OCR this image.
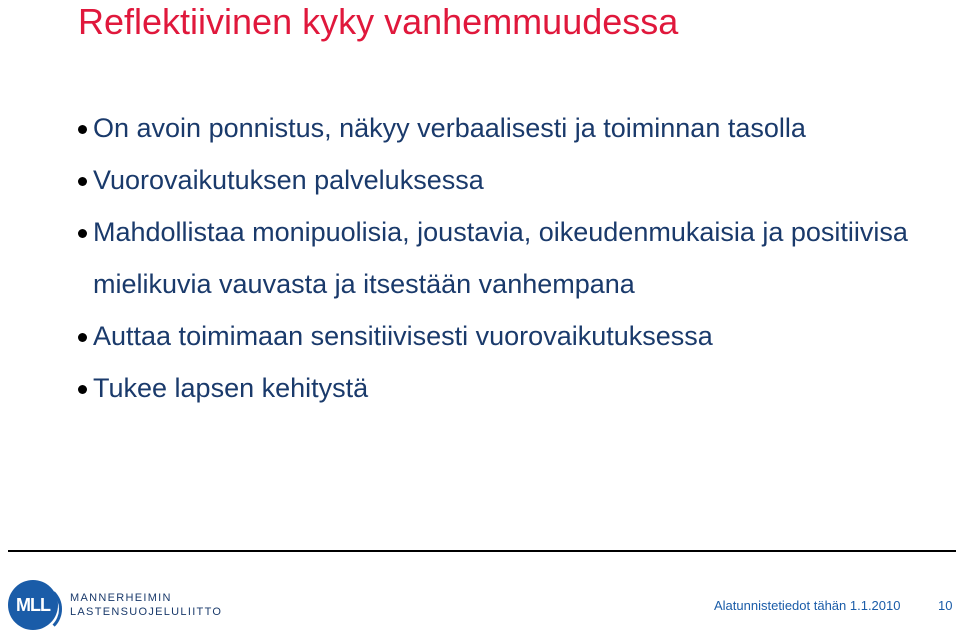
Reflektiivinen kyky vanhemmuudessa
On avoin ponnistus, näkyy verbaalisesti ja toiminnan tasolla
Vuorovaikutuksen palveluksessa
Mahdollistaa monipuolisia, joustavia, oikeudenmukaisia ja positiivisa mielikuvia vauvasta ja itsestään vanhempana
Auttaa toimimaan sensitiivisesti vuorovaikutuksessa
Tukee lapsen kehitystä
MLL MANNERHEIMIN
LASTENSUOJELULIITTO	Alatunnistetiedot tähän 1.1.2010	10
